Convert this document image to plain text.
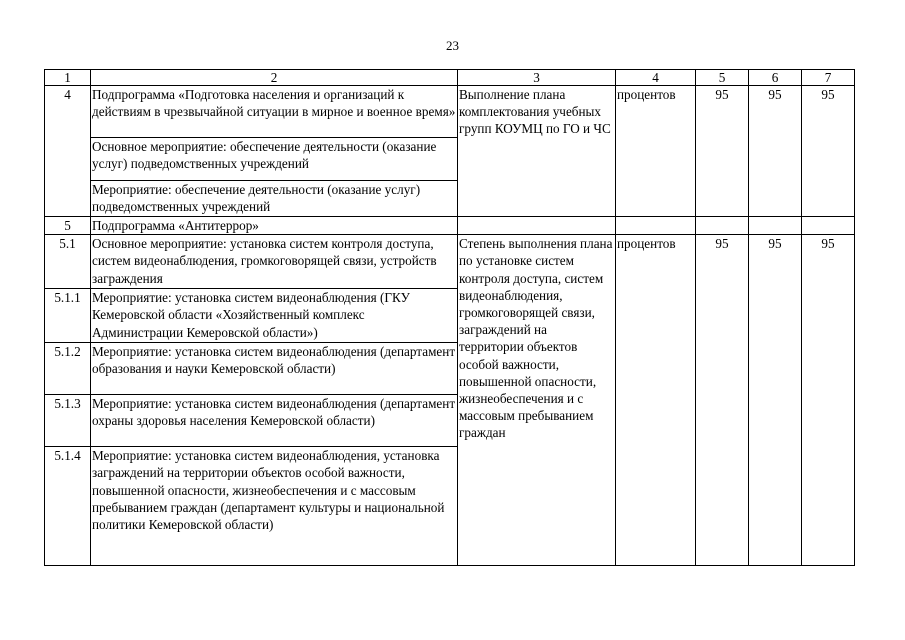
23
1	2	3	4	5	6	7
4	Подпрограмма «Подготовка населения и организаций к действиям в чрезвычайной ситуации в мирное и военное время»	Выполнение плана комплектования учебных групп КОУМЦ по ГО и ЧС	процентов	95	95	95
	Основное мероприятие: обеспечение деятельности (оказание услуг) подведомственных учреждений					
	Мероприятие: обеспечение деятельности (оказание услуг) подведомственных учреждений					
5	Подпрограмма «Антитеррор»					
5.1	Основное мероприятие: установка систем контроля доступа, систем видеонаблюдения, громкоговорящей связи, устройств заграждения	Степень выполнения плана по установке систем контроля доступа, систем видеонаблюдения, громкоговорящей связи, заграждений на территории объектов особой важности, повышенной опасности, жизнеобеспечения и с массовым пребыванием граждан	процентов	95	95	95
5.1.1	Мероприятие: установка систем видеонаблюдения (ГКУ Кемеровской области «Хозяйственный комплекс Администрации Кемеровской области»)					
5.1.2	Мероприятие: установка систем видеонаблюдения (департамент образования и науки Кемеровской области)					
5.1.3	Мероприятие: установка систем видеонаблюдения (департамент охраны здоровья населения Кемеровской области)					
5.1.4	Мероприятие: установка систем видеонаблюдения, установка заграждений на территории объектов особой важности, повышенной опасности, жизнеобеспечения и с массовым пребыванием граждан (департамент культуры и национальной политики Кемеровской области)					
